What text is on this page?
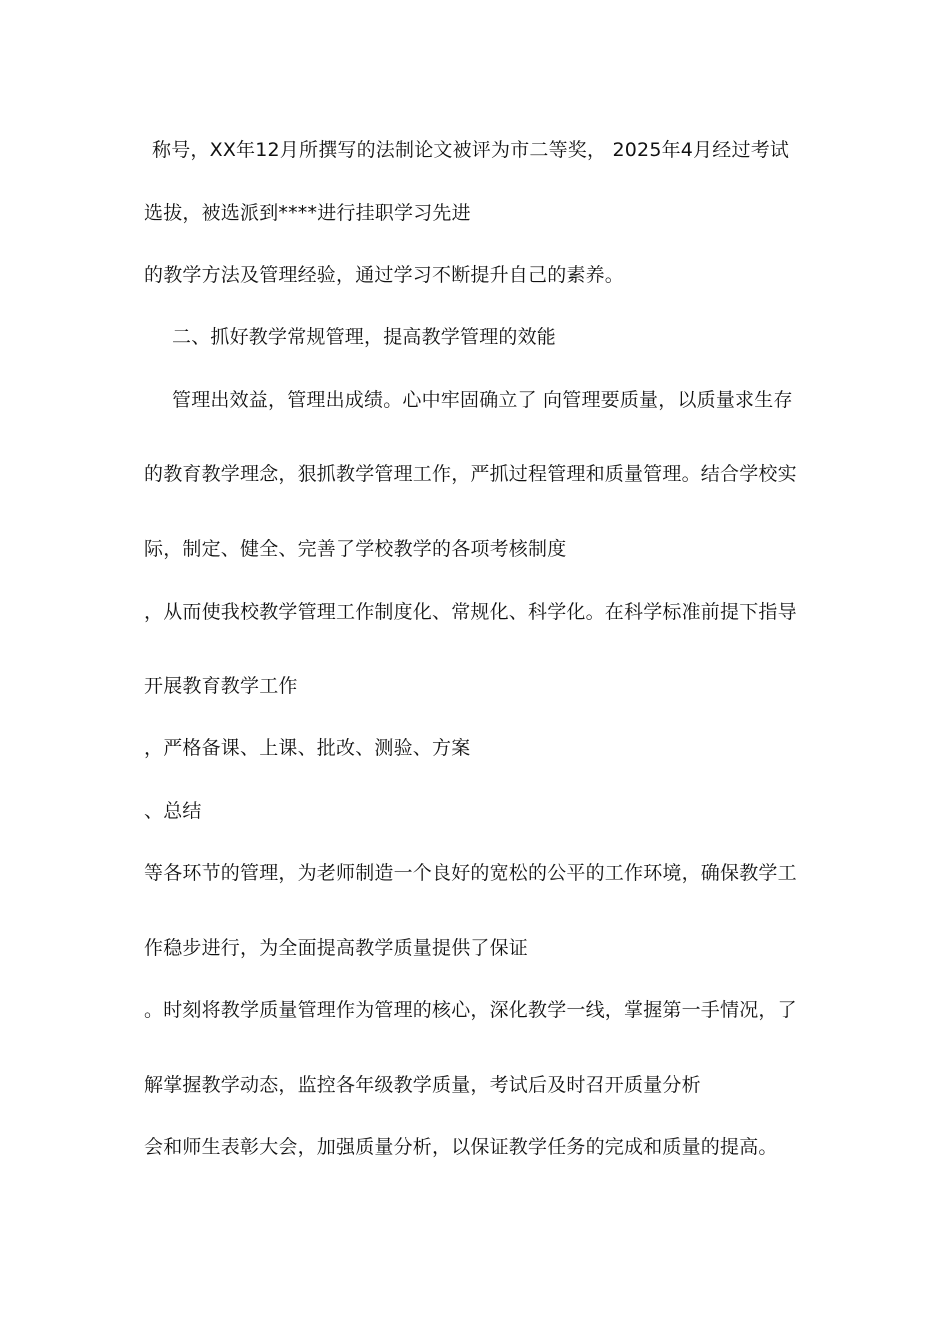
称号，XX年12月所撰写的法制论文被评为市二等奖， 2025年4月经过考试
选拔，被选派到****进行挂职学习先进
的教学方法及管理经验，通过学习不断提升自己的素养。
二、抓好教学常规管理，提高教学管理的效能
管理出效益，管理出成绩。心中牢固确立了 向管理要质量，以质量求生存
的教育教学理念，狠抓教学管理工作，严抓过程管理和质量管理。结合学校实
际，制定、健全、完善了学校教学的各项考核制度
，从而使我校教学管理工作制度化、常规化、科学化。在科学标准前提下指导
开展教育教学工作
，严格备课、上课、批改、测验、方案
、总结
等各环节的管理，为老师制造一个良好的宽松的公平的工作环境，确保教学工
作稳步进行，为全面提高教学质量提供了保证
。时刻将教学质量管理作为管理的核心，深化教学一线，掌握第一手情况，了
解掌握教学动态，监控各年级教学质量，考试后及时召开质量分析
会和师生表彰大会，加强质量分析，以保证教学任务的完成和质量的提高。
